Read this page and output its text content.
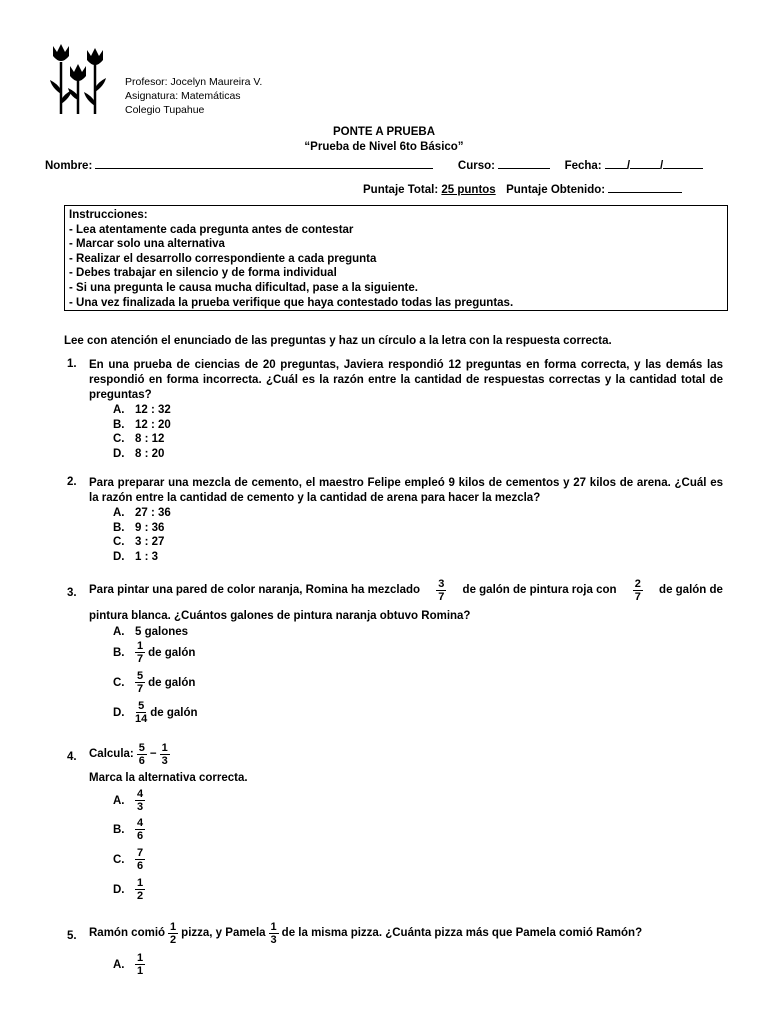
Profesor: Jocelyn Maureira V.
Asignatura: Matemáticas
Colegio Tupahue
PONTE A PRUEBA
“Prueba de Nivel 6to Básico”
Nombre:	Curso:	Fecha: /	/
Puntaje Total: 25 puntos Puntaje Obtenido:
Instrucciones:
- Lea atentamente cada pregunta antes de contestar
- Marcar solo una alternativa
- Realizar el desarrollo correspondiente a cada pregunta
- Debes trabajar en silencio y de forma individual
- Si una pregunta le causa mucha dificultad, pase a la siguiente.
- Una vez finalizada la prueba verifique que haya contestado todas las preguntas.
Lee con atención el enunciado de las preguntas y haz un círculo a la letra con la respuesta correcta.
1. En una prueba de ciencias de 20 preguntas, Javiera respondió 12 preguntas en forma correcta, y las demás las respondió en forma incorrecta. ¿Cuál es la razón entre la cantidad de respuestas correctas y la cantidad total de preguntas?
A. 12 : 32
B. 12 : 20
C. 8 : 12
D. 8 : 20
2. Para preparar una mezcla de cemento, el maestro Felipe empleó 9 kilos de cementos y 27 kilos de arena. ¿Cuál es la razón entre la cantidad de cemento y la cantidad de arena para hacer la mezcla?
A. 27 : 36
B. 9 : 36
C. 3 : 27
D. 1 : 3
3. Para pintar una pared de color naranja, Romina ha mezclado $\frac{3}{7}$ de galón de pintura roja con $\frac{2}{7}$ de galón de
pintura blanca. ¿Cuántos galones de pintura naranja obtuvo Romina?
A. 5 galones
B. $\frac{1}{7}$ de galón
C. $\frac{5}{7}$ de galón
D. $\frac{5}{14}$ de galón
4. Calcula: $\frac{5}{6} - \frac{1}{3}$
Marca la alternativa correcta.
A. $\frac{4}{3}$
B. $\frac{4}{6}$
C. $\frac{7}{6}$
D. $\frac{1}{2}$
5. Ramón comió $\frac{1}{2}$ pizza, y Pamela $\frac{1}{3}$ de la misma pizza. ¿Cuánta pizza más que Pamela comió Ramón?
A. $\frac{1}{1}$
